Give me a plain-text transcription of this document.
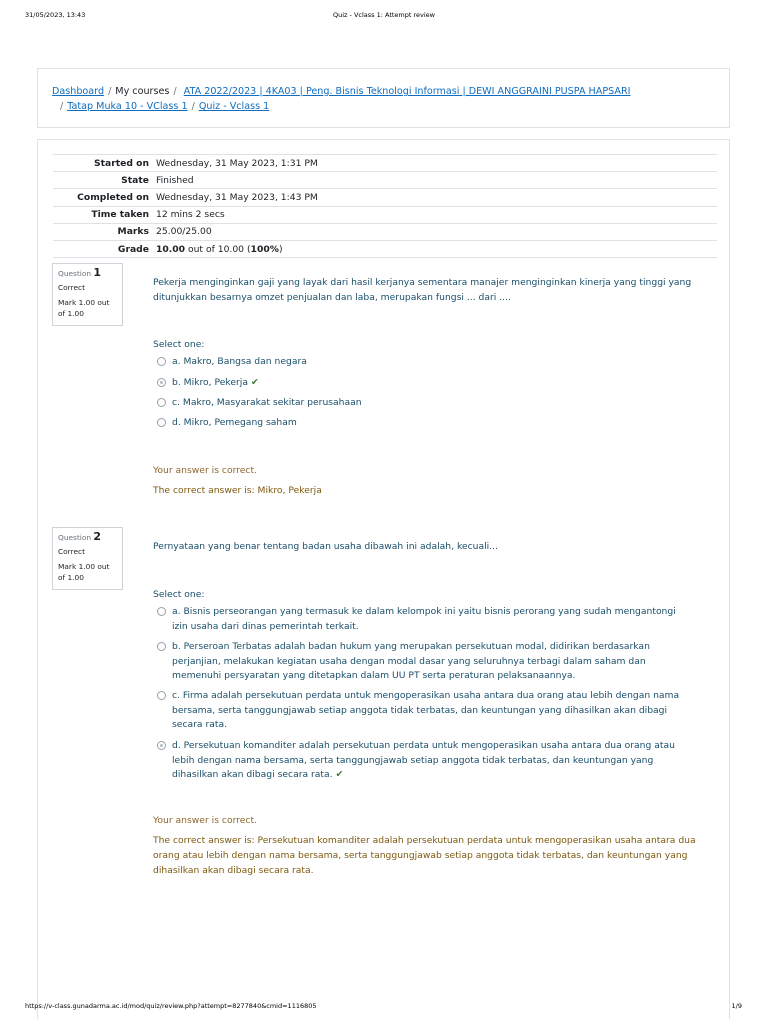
31/05/2023, 13:43	Quiz - Vclass 1: Attempt review
Dashboard / My courses / ATA 2022/2023 | 4KA03 | Peng. Bisnis Teknologi Informasi | DEWI ANGGRAINI PUSPA HAPSARI
/ Tatap Muka 10 - VClass 1 / Quiz - Vclass 1
Started on	Wednesday, 31 May 2023, 1:31 PM
State	Finished
Completed on	Wednesday, 31 May 2023, 1:43 PM
Time taken	12 mins 2 secs
Marks	25.00/25.00
Grade	10.00 out of 10.00 (100%)
Question 1
Correct
Mark 1.00 out of 1.00
Pekerja menginginkan gaji yang layak dari hasil kerjanya sementara manajer menginginkan kinerja yang tinggi yang ditunjukkan besarnya omzet penjualan dan laba, merupakan fungsi ... dari ....
Select one:
a. Makro, Bangsa dan negara
b. Mikro, Pekerja ✔
c. Makro, Masyarakat sekitar perusahaan
d. Mikro, Pemegang saham
Your answer is correct.
The correct answer is: Mikro, Pekerja
Question 2
Correct
Mark 1.00 out of 1.00
Pernyataan yang benar tentang badan usaha dibawah ini adalah, kecuali...
Select one:
a. Bisnis perseorangan yang termasuk ke dalam kelompok ini yaitu bisnis perorang yang sudah mengantongi izin usaha dari dinas pemerintah terkait.
b. Perseroan Terbatas adalah badan hukum yang merupakan persekutuan modal, didirikan berdasarkan perjanjian, melakukan kegiatan usaha dengan modal dasar yang seluruhnya terbagi dalam saham dan memenuhi persyaratan yang ditetapkan dalam UU PT serta peraturan pelaksanaannya.
c. Firma adalah persekutuan perdata untuk mengoperasikan usaha antara dua orang atau lebih dengan nama bersama, serta tanggungjawab setiap anggota tidak terbatas, dan keuntungan yang dihasilkan akan dibagi secara rata.
d. Persekutuan komanditer adalah persekutuan perdata untuk mengoperasikan usaha antara dua orang atau lebih dengan nama bersama, serta tanggungjawab setiap anggota tidak terbatas, dan keuntungan yang dihasilkan akan dibagi secara rata. ✔
Your answer is correct.
The correct answer is: Persekutuan komanditer adalah persekutuan perdata untuk mengoperasikan usaha antara dua orang atau lebih dengan nama bersama, serta tanggungjawab setiap anggota tidak terbatas, dan keuntungan yang dihasilkan akan dibagi secara rata.
https://v-class.gunadarma.ac.id/mod/quiz/review.php?attempt=8277840&cmid=1116805	1/9
